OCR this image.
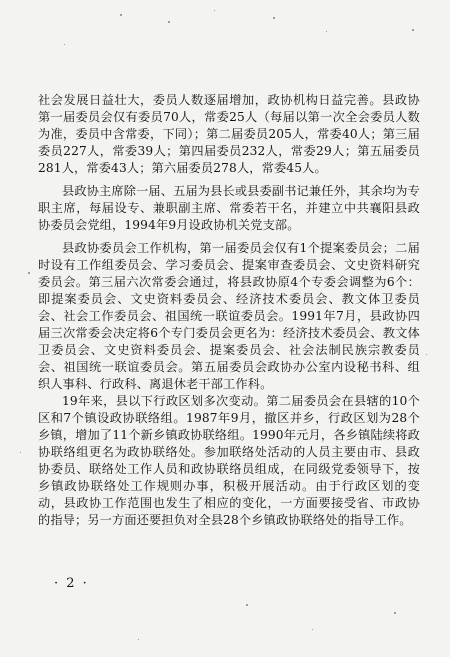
社会发展日益壮大，委员人数逐届增加，政协机构日益完善。县政协第一届委员会仅有委员70人，常委25人（每届以第一次全会委员人数为准，委员中含常委，下同）；第二届委员205人，常委40人；第三届委员227人，常委39人；第四届委员232人，常委29人；第五届委员281人，常委43人；第六届委员278人，常委45人。

县政协主席除一届、五届为县长或县委副书记兼任外，其余均为专职主席，每届设专、兼职副主席、常委若干名，并建立中共襄阳县政协委员会党组，1994年9月设政协机关党支部。

县政协委员会工作机构，第一届委员会仅有1个提案委员会；二届时设有工作组委员会、学习委员会、提案审查委员会、文史资料研究委员会。第三届六次常委会通过，将县政协原4个专委会调整为6个：即提案委员会、文史资料委员会、经济技术委员会、教文体卫委员会、社会工作委员会、祖国统一联谊委员会。1991年7月，县政协四届三次常委会决定将6个专门委员会更名为：经济技术委员会、教文体卫委员会、文史资料委员会、提案委员会、社会法制民族宗教委员会、祖国统一联谊委员会。第五届委员会政协办公室内设秘书科、组织人事科、行政科、离退休老干部工作科。

19年来，县以下行政区划多次变动。第二届委员会在县辖的10个区和7个镇设政协联络组。1987年9月，撤区并乡，行政区划为28个乡镇，增加了11个新乡镇政协联络组。1990年元月，各乡镇陆续将政协联络组更名为政协联络处。参加联络处活动的人员主要由市、县政协委员、联络处工作人员和政协联络员组成，在同级党委领导下，按乡镇政协联络处工作规则办事，积极开展活动。由于行政区划的变动，县政协工作范围也发生了相应的变化，一方面要接受省、市政协的指导；另一方面还要担负对全县28个乡镇政协联络处的指导工作。

· 2 ·
